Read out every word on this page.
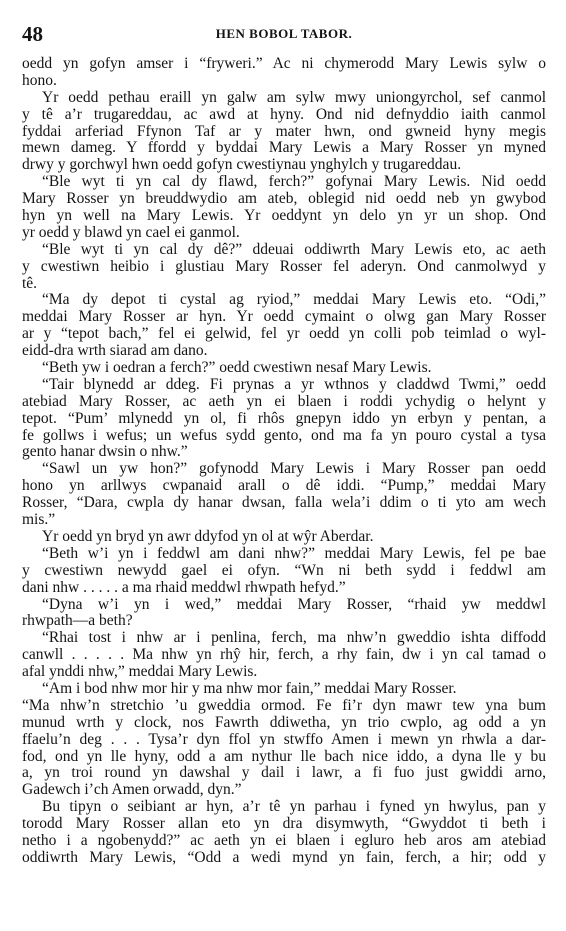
48	HEN BOBOL TABOR.
oedd yn gofyn amser i “fryweri.” Ac ni chymerodd Mary Lewis sylw o
hono.
Yr oedd pethau eraill yn galw am sylw mwy uniongyrchol, sef canmol
y tê a’r trugareddau, ac awd at hyny. Ond nid defnyddio iaith canmol
fyddai arferiad Ffynon Taf ar y mater hwn, ond gwneid hyny megis
mewn dameg. Y ffordd y byddai Mary Lewis a Mary Rosser yn myned
drwy y gorchwyl hwn oedd gofyn cwestiynau ynghylch y trugareddau.
“Ble wyt ti yn cal dy flawd, ferch?” gofynai Mary Lewis. Nid oedd
Mary Rosser yn breuddwydio am ateb, oblegid nid oedd neb yn gwybod
hyn yn well na Mary Lewis. Yr oeddynt yn delo yn yr un shop. Ond
yr oedd y blawd yn cael ei ganmol.
“Ble wyt ti yn cal dy dê?” ddeuai oddiwrth Mary Lewis eto, ac aeth
y cwestiwn heibio i glustiau Mary Rosser fel aderyn. Ond canmolwyd y
tê.
“Ma dy depot ti cystal ag ryiod,” meddai Mary Lewis eto. “Odi,”
meddai Mary Rosser ar hyn. Yr oedd cymaint o olwg gan Mary Rosser
ar y “tepot bach,” fel ei gelwid, fel yr oedd yn colli pob teimlad o wyl-
eidd-dra wrth siarad am dano.
“Beth yw i oedran a ferch?” oedd cwestiwn nesaf Mary Lewis.
“Tair blynedd ar ddeg. Fi prynas a yr wthnos y claddwd Twmi,” oedd
atebiad Mary Rosser, ac aeth yn ei blaen i roddi ychydig o helynt y
tepot. “Pum’ mlynedd yn ol, fi rhôs gnepyn iddo yn erbyn y pentan, a
fe gollws i wefus; un wefus sydd gento, ond ma fa yn pouro cystal a tysa
gento hanar dwsin o nhw.”
“Sawl un yw hon?” gofynodd Mary Lewis i Mary Rosser pan oedd
hono yn arllwys cwpanaid arall o dê iddi. “Pump,” meddai Mary
Rosser, “Dara, cwpla dy hanar dwsan, falla wela’i ddim o ti yto am wech
mis.”
Yr oedd yn bryd yn awr ddyfod yn ol at wŷr Aberdar.
“Beth w’i yn i feddwl am dani nhw?” meddai Mary Lewis, fel pe bae
y cwestiwn newydd gael ei ofyn. “Wn ni beth sydd i feddwl am
dani nhw . . . . . a ma rhaid meddwl rhwpath hefyd.”
“Dyna w’i yn i wed,” meddai Mary Rosser, “rhaid yw meddwl
rhwpath—a beth?
“Rhai tost i nhw ar i penlina, ferch, ma nhw’n gweddio ishta diffodd
canwll . . . . . Ma nhw yn rhŷ hir, ferch, a rhy fain, dw i yn cal tamad o
afal ynddi nhw,” meddai Mary Lewis.
“Am i bod nhw mor hir y ma nhw mor fain,” meddai Mary Rosser.
“Ma nhw’n stretchio ’u gweddia ormod. Fe fi’r dyn mawr tew yna bum
munud wrth y clock, nos Fawrth ddiwetha, yn trio cwplo, ag odd a yn
ffaelu’n deg . . . Tysa’r dyn ffol yn stwffo Amen i mewn yn rhwla a dar-
fod, ond yn lle hyny, odd a am nythur lle bach nice iddo, a dyna lle y bu
a, yn troi round yn dawshal y dail i lawr, a fi fuo just gwiddi arno,
Gadewch i’ch Amen orwadd, dyn.”
Bu tipyn o seibiant ar hyn, a’r tê yn parhau i fyned yn hwylus, pan y
torodd Mary Rosser allan eto yn dra disymwyth, “Gwyddot ti beth i
netho i a ngobenydd?” ac aeth yn ei blaen i egluro heb aros am atebiad
oddiwrth Mary Lewis, “Odd a wedi mynd yn fain, ferch, a hir; odd y
